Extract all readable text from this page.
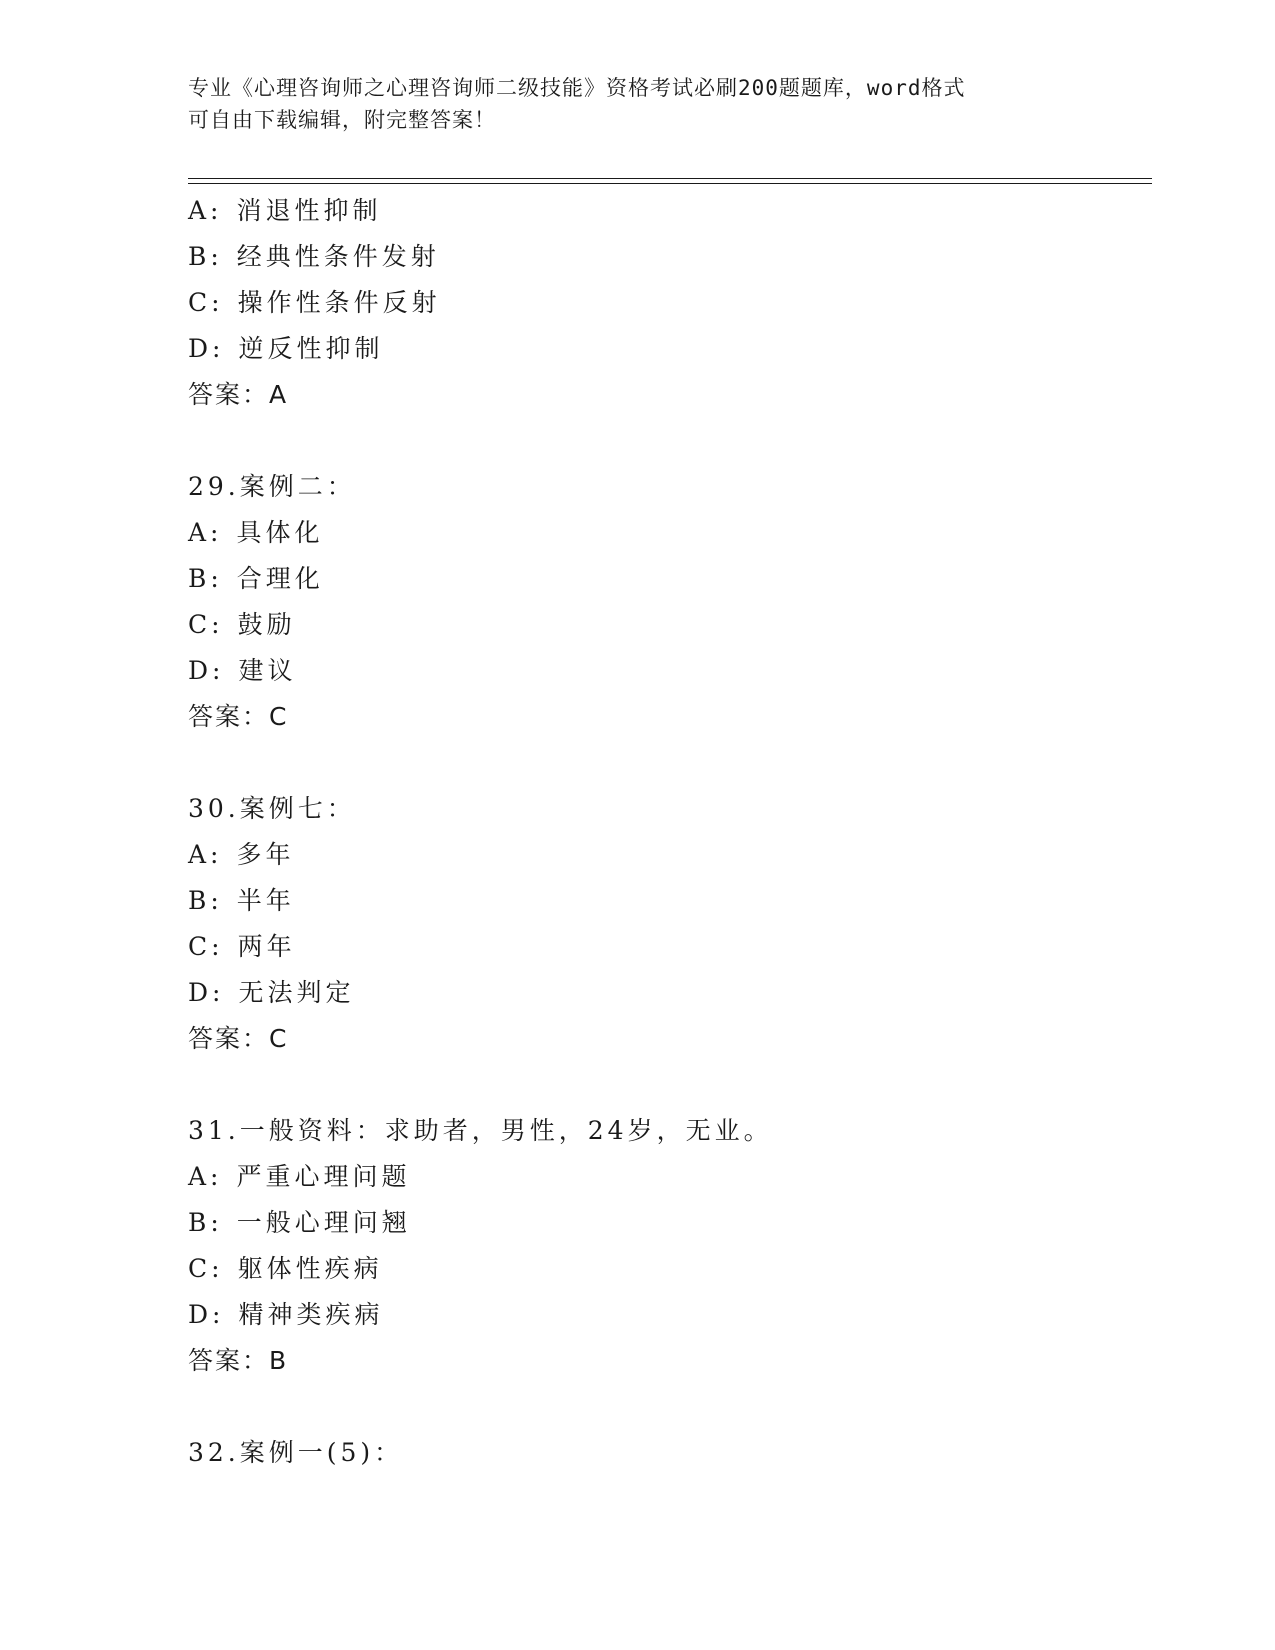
专业《心理咨询师之心理咨询师二级技能》资格考试必刷200题题库，word格式
可自由下载编辑，附完整答案！
A: 消退性抑制
B: 经典性条件发射
C: 操作性条件反射
D: 逆反性抑制
答案：A
29.案例二：
A: 具体化
B: 合理化
C: 鼓励
D: 建议
答案：C
30.案例七：
A: 多年
B: 半年
C: 两年
D: 无法判定
答案：C
31.一般资料：求助者，男性，24岁，无业。
A: 严重心理问题
B: 一般心理问翘
C: 躯体性疾病
D: 精神类疾病
答案：B
32.案例一(5)：
